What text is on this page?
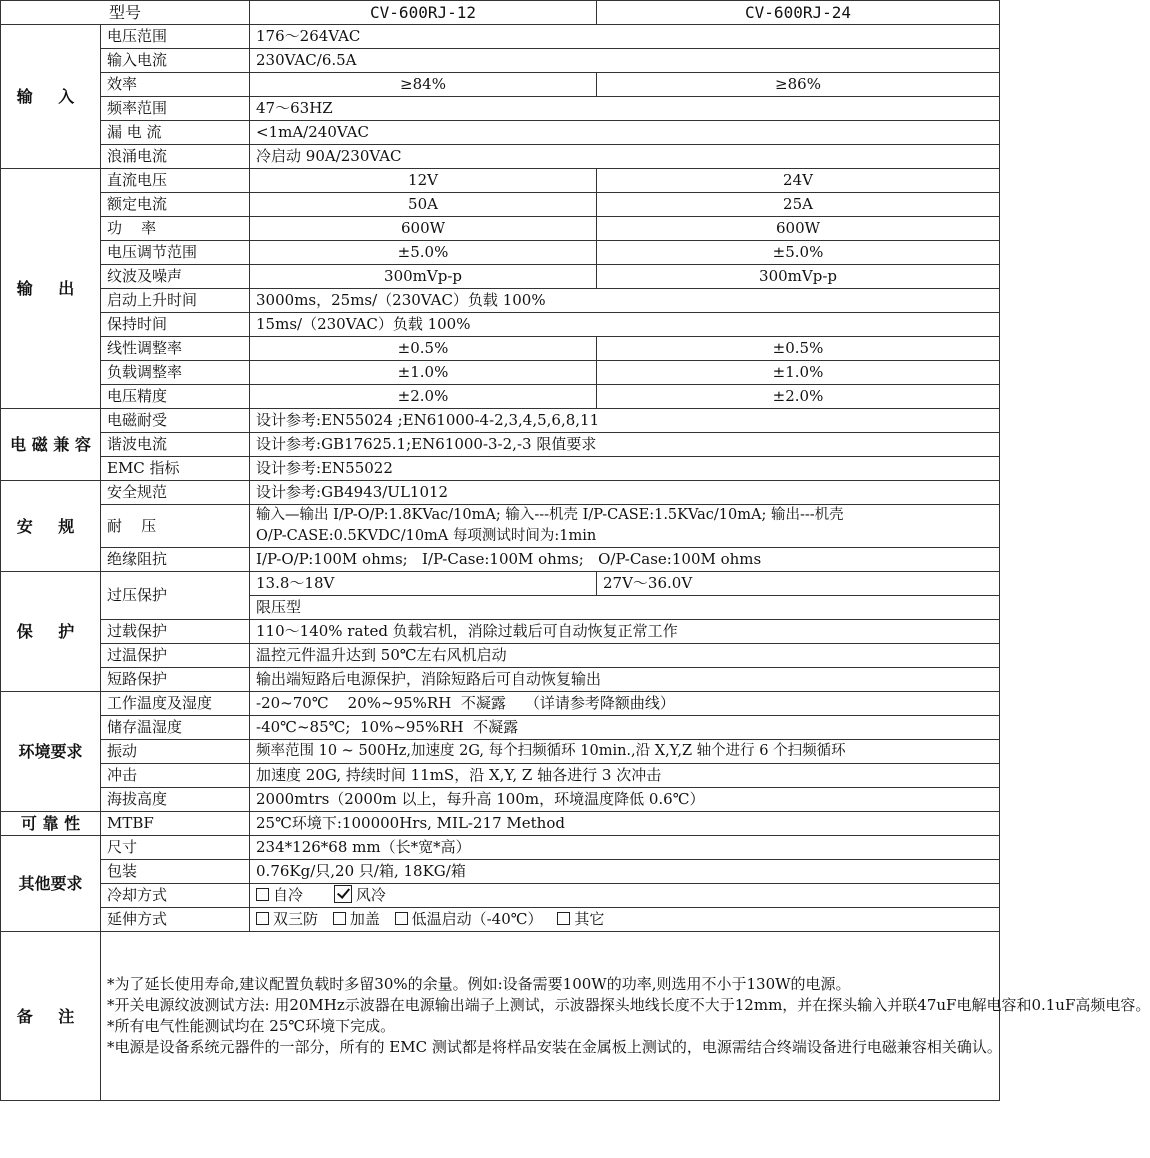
型号		CV-600RJ-12	CV-600RJ-24
输 入	电压范围	176～264VAC	
	输入电流	230VAC/6.5A	
	效率	≥84%	≥86%
	频率范围	47～63HZ	
	漏 电 流	<1mA/240VAC	
	浪涌电流	冷启动 90A/230VAC	
输 出	直流电压	12V	24V
	额定电流	50A	25A
	功    率	600W	600W
	电压调节范围	±5.0%	±5.0%
	纹波及噪声	300mVp-p	300mVp-p
	启动上升时间	3000ms，25ms/（230VAC）负载 100%	
	保持时间	15ms/（230VAC）负载 100%	
	线性调整率	±0.5%	±0.5%
	负载调整率	±1.0%	±1.0%
	电压精度	±2.0%	±2.0%
电 磁 兼 容	电磁耐受	设计参考:EN55024 ;EN61000-4-2,3,4,5,6,8,11	
	谐波电流	设计参考:GB17625.1;EN61000-3-2,-3 限值要求	
	EMC 指标	设计参考:EN55022	
安 规	安全规范	设计参考:GB4943/UL1012	
	耐    压	输入—输出 I/P-O/P:1.8KVac/10mA; 输入---机壳 I/P-CASE:1.5KVac/10mA; 输出---机壳
O/P-CASE:0.5KVDC/10mA 每项测试时间为:1min	

	绝缘阻抗	I/P-O/P:100M ohms;   I/P-Case:100M ohms;   O/P-Case:100M ohms	
保 护	过压保护	13.8～18V	27V～36.0V
		限压型	
	过载保护	110～140% rated 负载宕机，消除过载后可自动恢复正常工作	
	过温保护	温控元件温升达到 50℃左右风机启动	
	短路保护	输出端短路后电源保护，消除短路后可自动恢复输出	
环境要求	工作温度及湿度	-20~70℃    20%~95%RH  不凝露    （详请参考降额曲线）	
	储存温湿度	-40℃~85℃;  10%~95%RH  不凝露	
	振动	频率范围 10 ~ 500Hz,加速度 2G, 每个扫频循环 10min.,沿 X,Y,Z 轴个进行 6 个扫频循环	
	冲击	加速度 20G, 持续时间 11mS，沿 X,Y, Z 轴各进行 3 次冲击	
	海拔高度	2000mtrs（2000m 以上，每升高 100m，环境温度降低 0.6℃）	
可 靠 性	MTBF	25℃环境下:100000Hrs, MIL-217 Method	
其他要求	尺寸	234*126*68 mm（长*宽*高）	
	包装	0.76Kg/只,20 只/箱, 18KG/箱	
	冷却方式	自冷 风冷	
	延伸方式	双三防 加盖 低温启动（-40℃） 其它	
备 注	*为了延长使用寿命,建议配置负载时多留30%的余量。例如:设备需要100W的功率,则选用不小于130W的电源。
*开关电源纹波测试方法: 用20MHz示波器在电源输出端子上测试，示波器探头地线长度不大于12mm，并在探头输入并联47uF电解电容和0.1uF高频电容。
*所有电气性能测试均在 25℃环境下完成。
*电源是设备系统元器件的一部分，所有的 EMC 测试都是将样品安装在金属板上测试的，电源需结合终端设备进行电磁兼容相关确认。		
